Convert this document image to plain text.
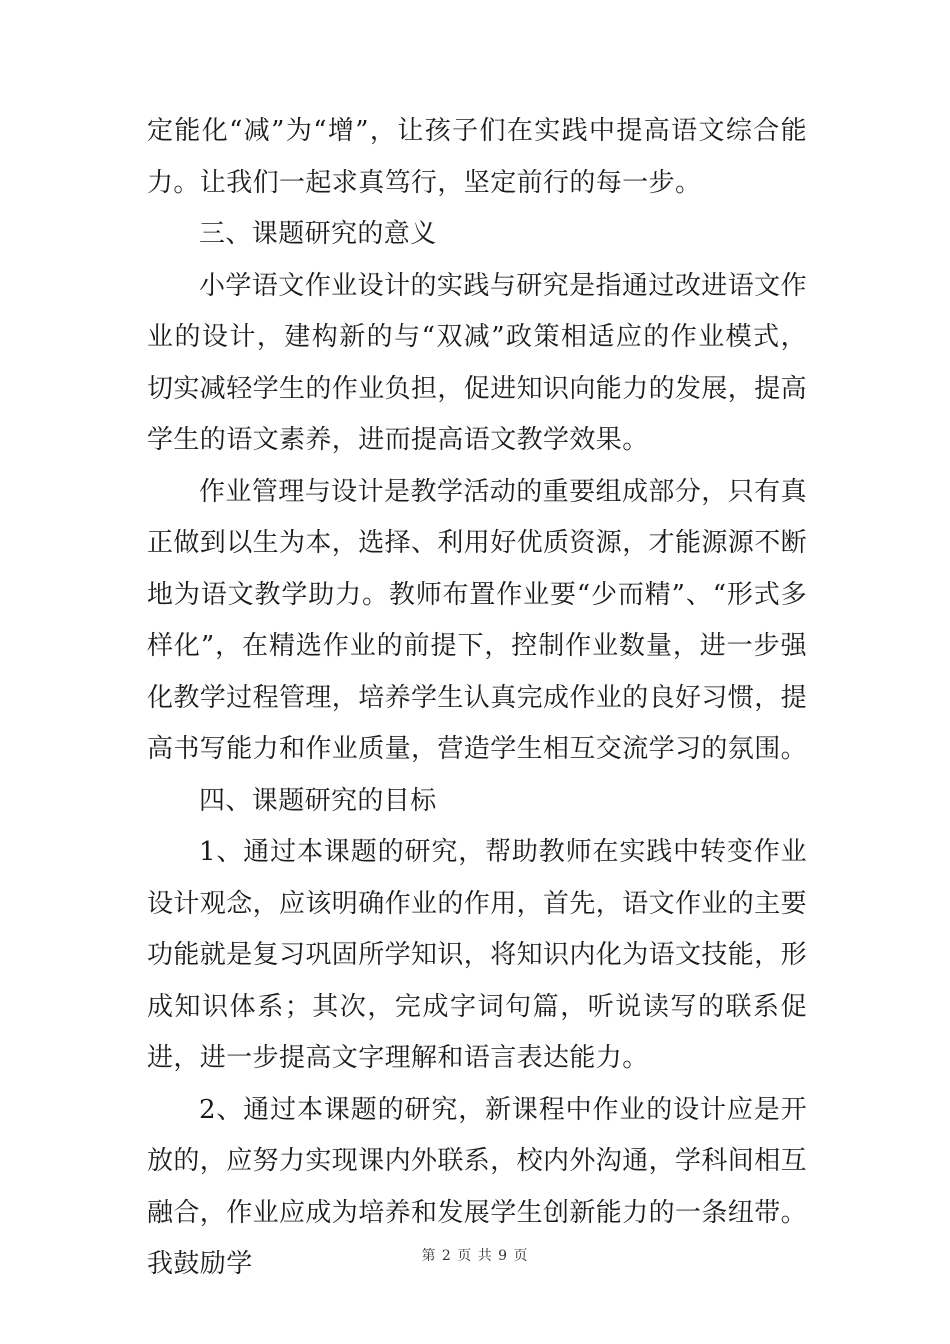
定能化“减”为“增”，让孩子们在实践中提高语文综合能力。让我们一起求真笃行，坚定前行的每一步。

三、课题研究的意义

小学语文作业设计的实践与研究是指通过改进语文作业的设计，建构新的与“双减”政策相适应的作业模式，切实减轻学生的作业负担，促进知识向能力的发展，提高学生的语文素养，进而提高语文教学效果。

作业管理与设计是教学活动的重要组成部分，只有真正做到以生为本，选择、利用好优质资源，才能源源不断地为语文教学助力。教师布置作业要“少而精”、“形式多样化”，在精选作业的前提下，控制作业数量，进一步强化教学过程管理，培养学生认真完成作业的良好习惯，提高书写能力和作业质量，营造学生相互交流学习的氛围。

四、课题研究的目标

1、通过本课题的研究，帮助教师在实践中转变作业设计观念，应该明确作业的作用，首先，语文作业的主要功能就是复习巩固所学知识，将知识内化为语文技能，形成知识体系；其次，完成字词句篇，听说读写的联系促进，进一步提高文字理解和语言表达能力。

2、通过本课题的研究，新课程中作业的设计应是开放的，应努力实现课内外联系，校内外沟通，学科间相互融合，作业应成为培养和发展学生创新能力的一条纽带。我鼓励学	第 2 页 共 9 页
